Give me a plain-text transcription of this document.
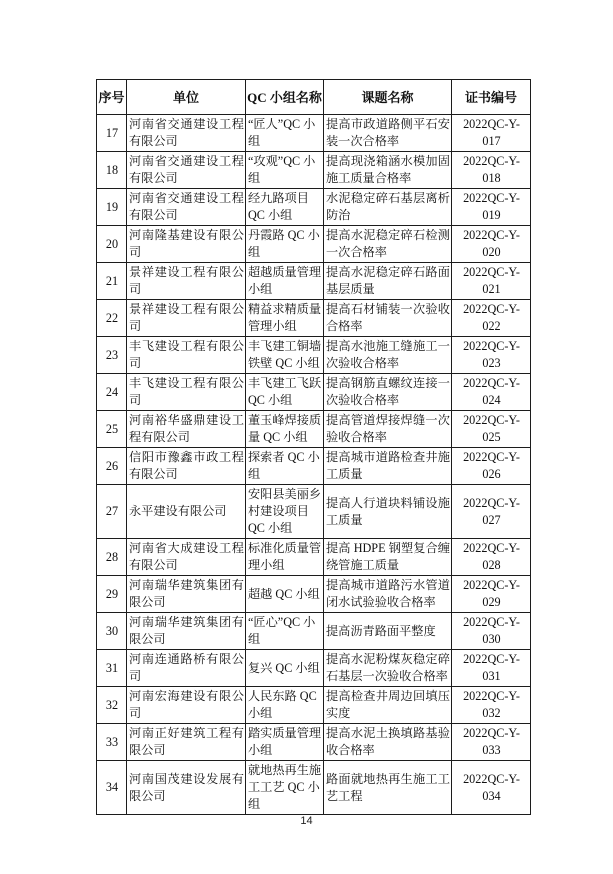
序号	单位	QC 小组名称	课题名称	证书编号
17	河南省交通建设工程有限公司	“匠人”QC 小组	提高市政道路侧平石安装一次合格率	2022QC-Y-017
18	河南省交通建设工程有限公司	“攻观”QC 小组	提高现浇箱涵水模加固施工质量合格率	2022QC-Y-018
19	河南省交通建设工程有限公司	经九路项目 QC 小组	水泥稳定碎石基层离析防治	2022QC-Y-019
20	河南隆基建设有限公司	丹霞路 QC 小组	提高水泥稳定碎石检测一次合格率	2022QC-Y-020
21	景祥建设工程有限公司	超越质量管理小组	提高水泥稳定碎石路面基层质量	2022QC-Y-021
22	景祥建设工程有限公司	精益求精质量管理小组	提高石材铺装一次验收合格率	2022QC-Y-022
23	丰飞建设工程有限公司	丰飞建工铜墙铁壁 QC 小组	提高水池施工缝施工一次验收合格率	2022QC-Y-023
24	丰飞建设工程有限公司	丰飞建工飞跃 QC 小组	提高钢筋直螺纹连接一次验收合格率	2022QC-Y-024
25	河南裕华盛鼎建设工程有限公司	董玉峰焊接质量 QC 小组	提高管道焊接焊缝一次验收合格率	2022QC-Y-025
26	信阳市豫鑫市政工程有限公司	探索者 QC 小组	提高城市道路检查井施工质量	2022QC-Y-026
27	永平建设有限公司	安阳县美丽乡村建设项目 QC 小组	提高人行道块料铺设施工质量	2022QC-Y-027
28	河南省大成建设工程有限公司	标准化质量管理小组	提高 HDPE 钢塑复合缠绕管施工质量	2022QC-Y-028
29	河南瑞华建筑集团有限公司	超越 QC 小组	提高城市道路污水管道闭水试验验收合格率	2022QC-Y-029
30	河南瑞华建筑集团有限公司	“匠心”QC 小组	提高沥青路面平整度	2022QC-Y-030
31	河南连通路桥有限公司	复兴 QC 小组	提高水泥粉煤灰稳定碎石基层一次验收合格率	2022QC-Y-031
32	河南宏海建设有限公司	人民东路 QC 小组	提高检查井周边回填压实度	2022QC-Y-032
33	河南正好建筑工程有限公司	踏实质量管理小组	提高水泥土换填路基验收合格率	2022QC-Y-033
34	河南国茂建设发展有限公司	就地热再生施工工艺 QC 小组	路面就地热再生施工工艺工程	2022QC-Y-034
14
